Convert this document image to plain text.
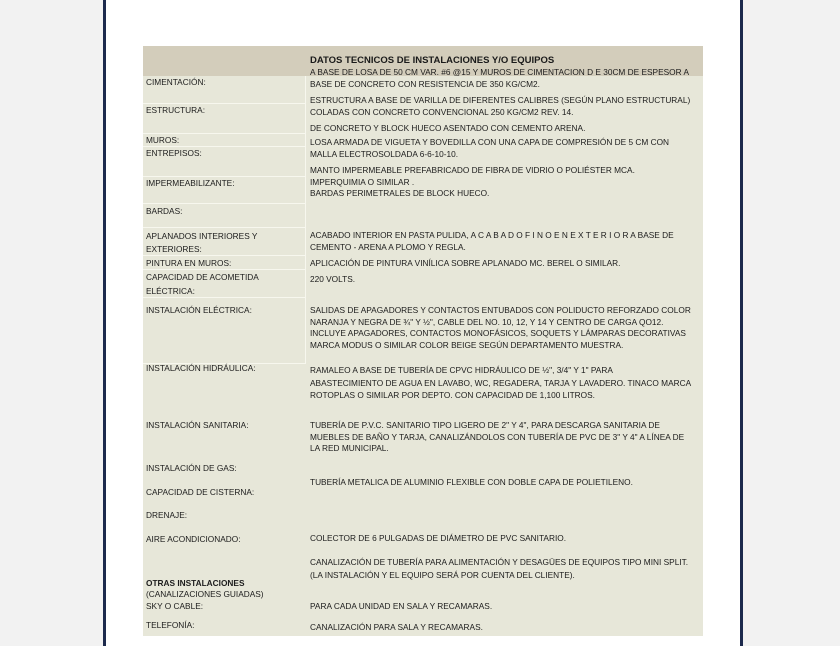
DATOS TECNICOS DE INSTALACIONES Y/O EQUIPOS
CIMENTACIÓN:
ESTRUCTURA:
MUROS:
ENTREPISOS:
IMPERMEABILIZANTE:
BARDAS:
APLANADOS INTERIORES Y
EXTERIORES:
PINTURA EN MUROS:
CAPACIDAD DE ACOMETIDA
ELÉCTRICA:
INSTALACIÓN ELÉCTRICA:
INSTALACIÓN HIDRÁULICA:
INSTALACIÓN SANITARIA:
INSTALACIÓN DE GAS:
CAPACIDAD DE CISTERNA:
DRENAJE:
AIRE ACONDICIONADO:
OTRAS INSTALACIONES
(CANALIZACIONES GUIADAS)
SKY O CABLE:
TELEFONÍA:
A BASE DE LOSA DE 50 CM VAR. #6 @15 Y MUROS DE CIMENTACION D E 30CM DE ESPESOR A
BASE DE CONCRETO CON RESISTENCIA DE 350 KG/CM2.
ESTRUCTURA A BASE DE VARILLA DE DIFERENTES CALIBRES (SEGÚN PLANO ESTRUCTURAL)
COLADAS CON CONCRETO CONVENCIONAL 250 KG/CM2 REV. 14.
DE CONCRETO Y BLOCK HUECO ASENTADO CON CEMENTO ARENA.
LOSA ARMADA DE VIGUETA Y BOVEDILLA CON UNA CAPA DE COMPRESIÓN DE 5 CM CON
MALLA ELECTROSOLDADA 6-6-10-10.
MANTO IMPERMEABLE PREFABRICADO DE FIBRA DE VIDRIO O POLIÉSTER MCA.
IMPERQUIMIA O SIMILAR .
BARDAS PERIMETRALES DE BLOCK HUECO.
ACABADO INTERIOR EN PASTA PULIDA, A C A B A D O F I N O E N E X T E R I O R A BASE DE
CEMENTO - ARENA A PLOMO Y REGLA.
APLICACIÓN DE PINTURA VINÍLICA SOBRE APLANADO MC. BEREL O SIMILAR.
220 VOLTS.
SALIDAS DE APAGADORES Y CONTACTOS ENTUBADOS CON POLIDUCTO REFORZADO COLOR
NARANJA Y NEGRA DE ¾" Y ½", CABLE DEL NO. 10, 12, Y 14 Y CENTRO DE CARGA QO12.
INCLUYE APAGADORES, CONTACTOS MONOFÁSICOS, SOQUETS Y LÁMPARAS DECORATIVAS
MARCA MODUS O SIMILAR COLOR BEIGE SEGÚN DEPARTAMENTO MUESTRA.
RAMALEO A BASE DE TUBERÍA DE CPVC HIDRÁULICO DE ½", 3/4" Y 1" PARA
ABASTECIMIENTO DE AGUA EN LAVABO, WC, REGADERA, TARJA Y LAVADERO. TINACO MARCA
ROTOPLAS O SIMILAR POR DEPTO. CON CAPACIDAD DE 1,100 LITROS.
TUBERÍA DE P.V.C. SANITARIO TIPO LIGERO DE 2" Y 4", PARA DESCARGA SANITARIA DE
MUEBLES DE BAÑO Y TARJA, CANALIZÁNDOLOS CON TUBERÍA DE PVC DE 3" Y 4" A LÍNEA DE
LA RED MUNICIPAL.
TUBERÍA METALICA DE ALUMINIO FLEXIBLE CON DOBLE CAPA DE POLIETILENO.
COLECTOR DE 6 PULGADAS DE DIÁMETRO DE PVC SANITARIO.
CANALIZACIÓN DE TUBERÍA PARA ALIMENTACIÓN Y DESAGÜES DE EQUIPOS TIPO MINI SPLIT.
(LA INSTALACIÓN Y EL EQUIPO SERÁ POR CUENTA DEL CLIENTE).
PARA CADA UNIDAD EN SALA Y RECAMARAS.
CANALIZACIÓN PARA SALA Y RECAMARAS.
